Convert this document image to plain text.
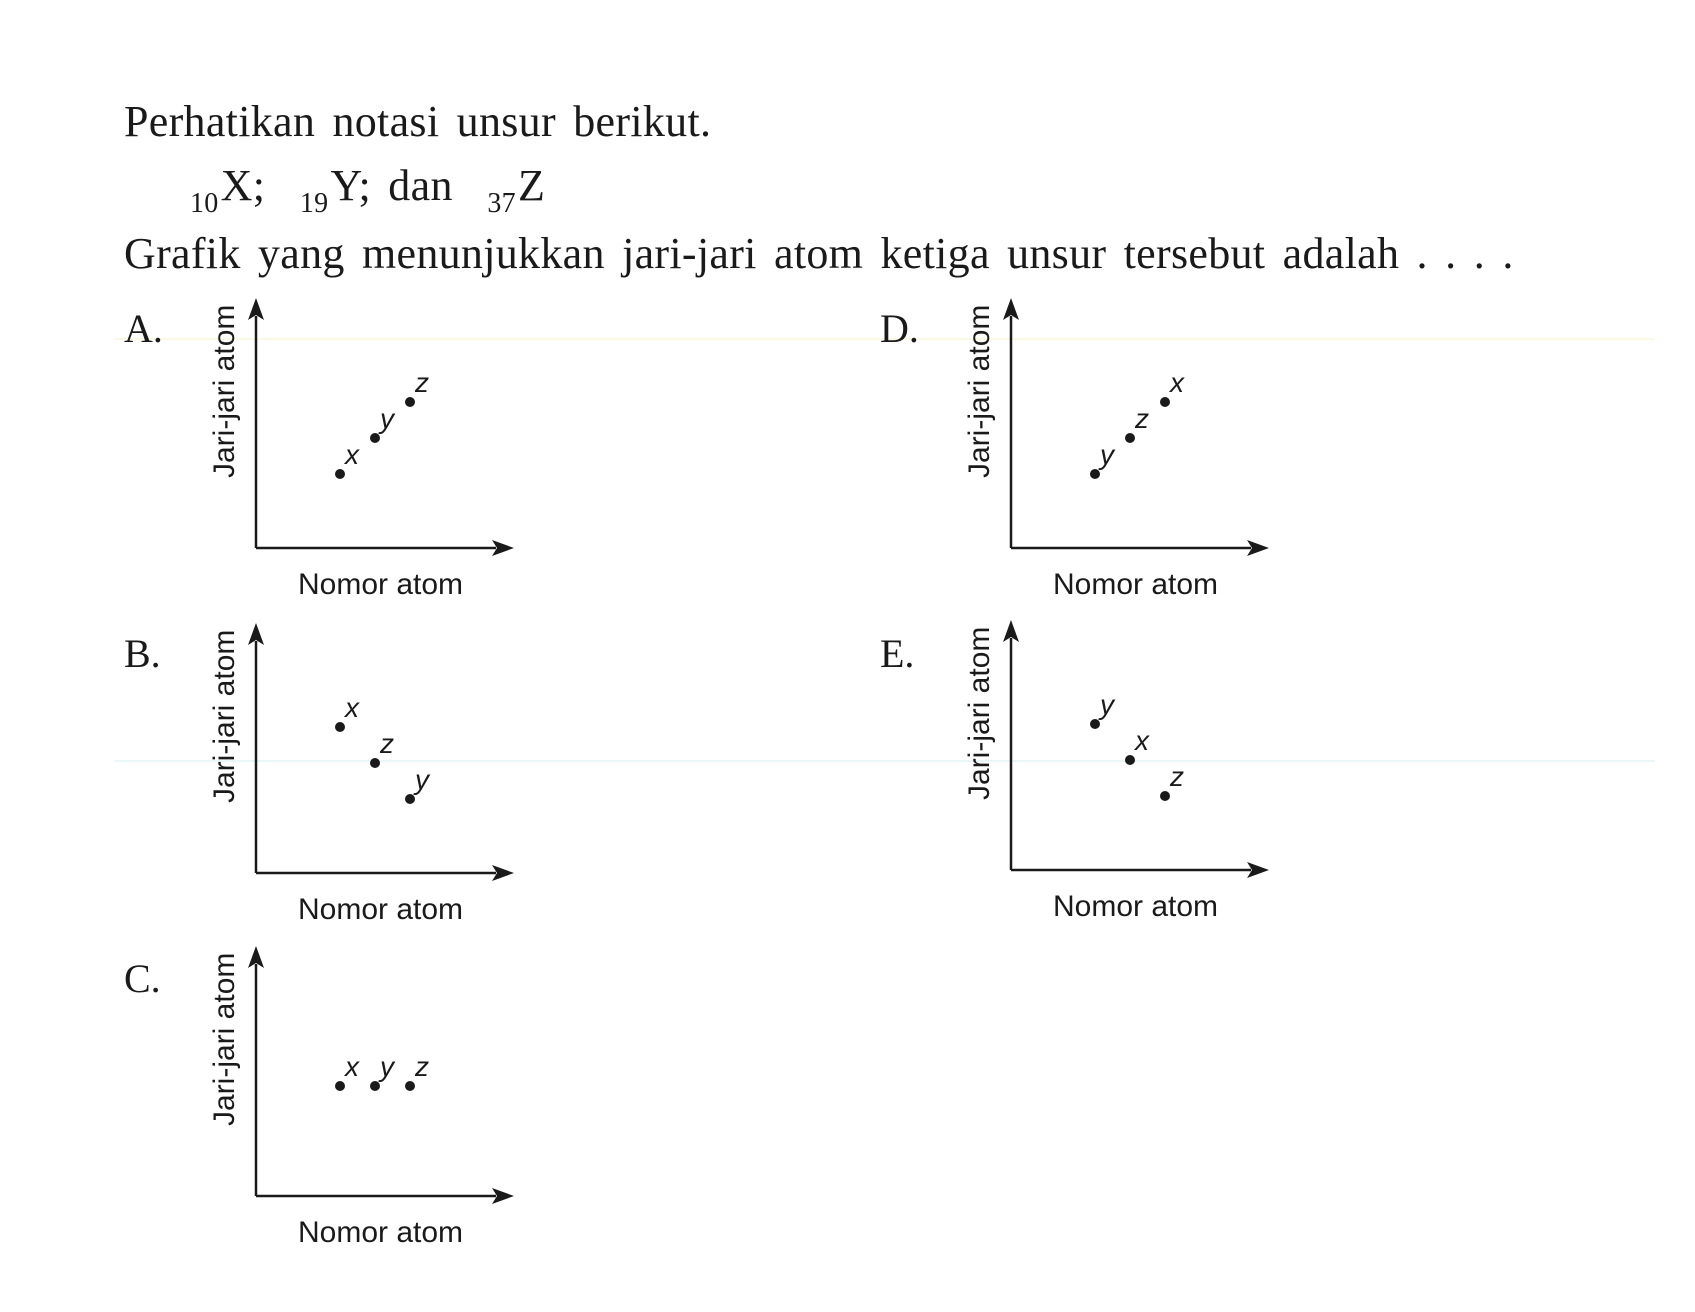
Perhatikan notasi unsur berikut.
$_{10}$X; $_{19}$Y; dan $_{37}$Z
Grafik yang menunjukkan jari-jari atom ketiga unsur tersebut adalah . . . .
A.
x
y
z
Jari-jari atom
Nomor atom
B.
x
z
y
Jari-jari atom
Nomor atom
C.
x y z
Jari-jari atom
Nomor atom
D.
y
z
x
Jari-jari atom
Nomor atom
E.
y
x
z
Jari-jari atom
Nomor atom
